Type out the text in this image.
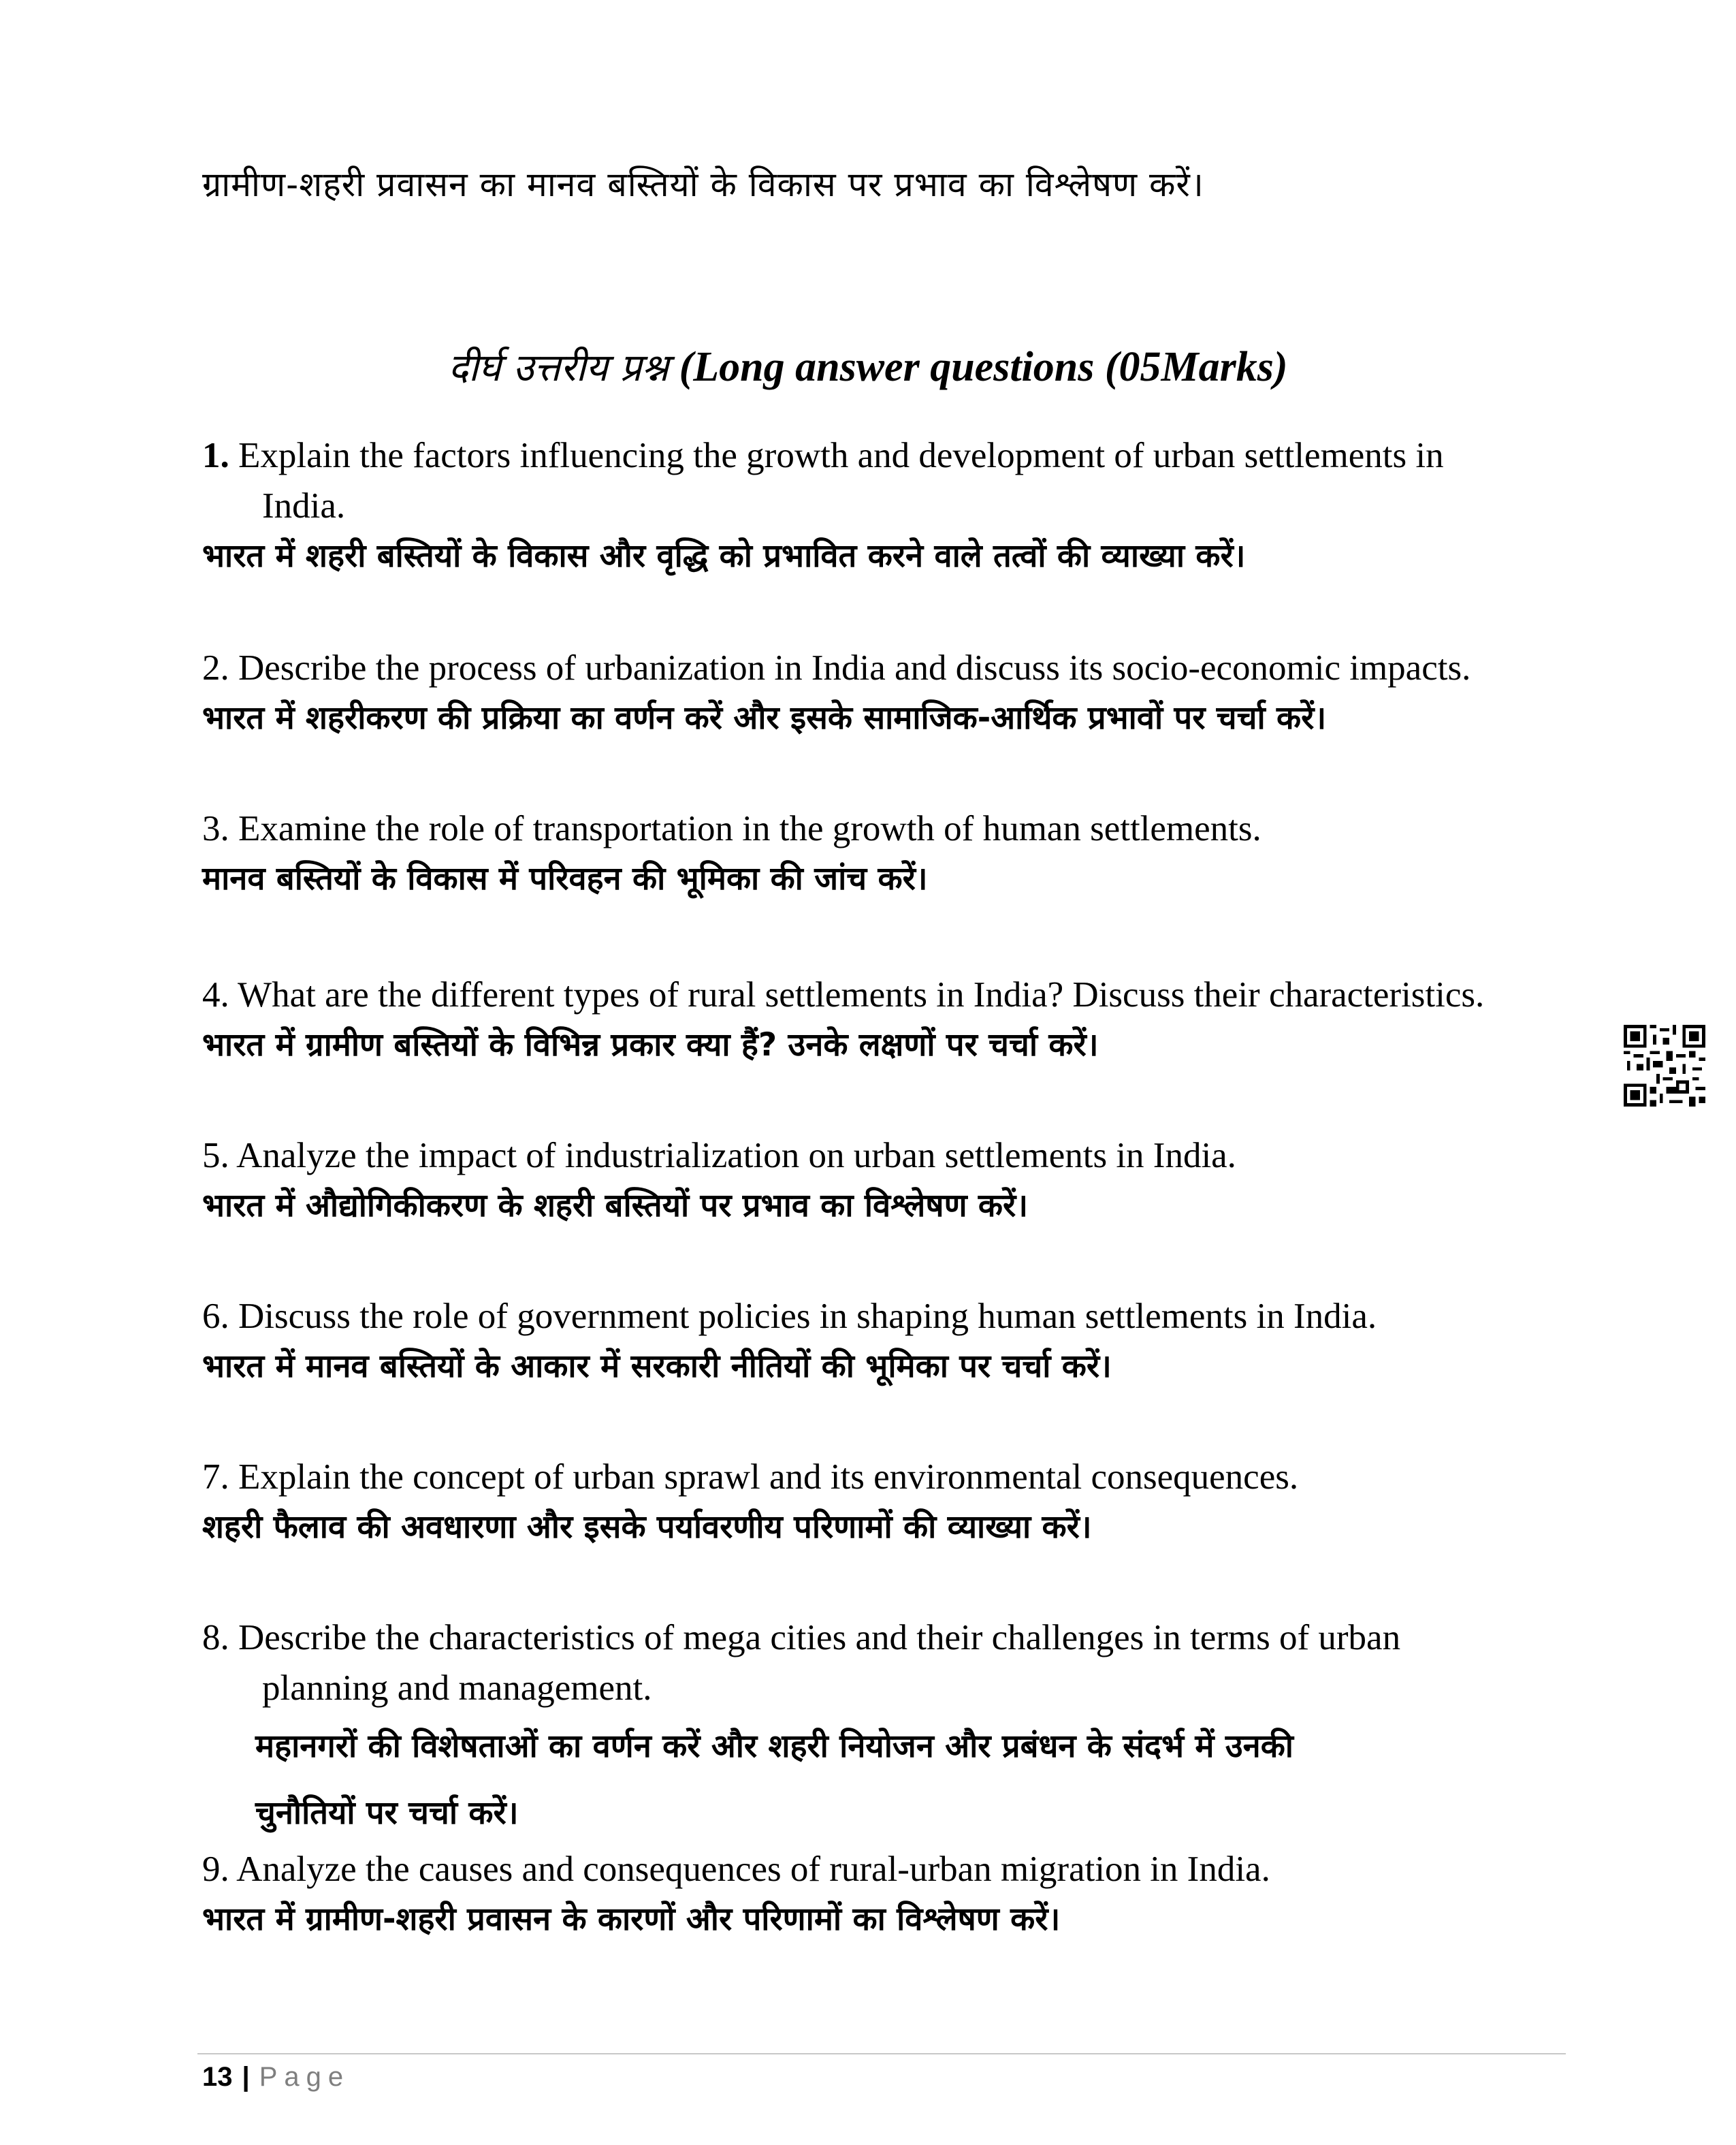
ग्रामीण-शहरी प्रवासन का मानव बस्तियों के विकास पर प्रभाव का विश्लेषण करें।
दीर्घ उत्तरीय प्रश्न (Long answer questions (05Marks)
1. Explain the factors influencing the growth and development of urban settlements in
India.
भारत में शहरी बस्तियों के विकास और वृद्धि को प्रभावित करने वाले तत्वों की व्याख्या करें।
2. Describe the process of urbanization in India and discuss its socio-economic impacts.
भारत में शहरीकरण की प्रक्रिया का वर्णन करें और इसके सामाजिक-आर्थिक प्रभावों पर चर्चा करें।
3. Examine the role of transportation in the growth of human settlements.
मानव बस्तियों के विकास में परिवहन की भूमिका की जांच करें।
4. What are the different types of rural settlements in India? Discuss their characteristics.
भारत में ग्रामीण बस्तियों के विभिन्न प्रकार क्या हैं? उनके लक्षणों पर चर्चा करें।
5. Analyze the impact of industrialization on urban settlements in India.
भारत में औद्योगिकीकरण के शहरी बस्तियों पर प्रभाव का विश्लेषण करें।
6. Discuss the role of government policies in shaping human settlements in India.
भारत में मानव बस्तियों के आकार में सरकारी नीतियों की भूमिका पर चर्चा करें।
7. Explain the concept of urban sprawl and its environmental consequences.
शहरी फैलाव की अवधारणा और इसके पर्यावरणीय परिणामों की व्याख्या करें।
8. Describe the characteristics of mega cities and their challenges in terms of urban
planning and management.
महानगरों की विशेषताओं का वर्णन करें और शहरी नियोजन और प्रबंधन के संदर्भ में उनकी
चुनौतियों पर चर्चा करें।
9. Analyze the causes and consequences of rural-urban migration in India.
भारत में ग्रामीण-शहरी प्रवासन के कारणों और परिणामों का विश्लेषण करें।
13 | Page
